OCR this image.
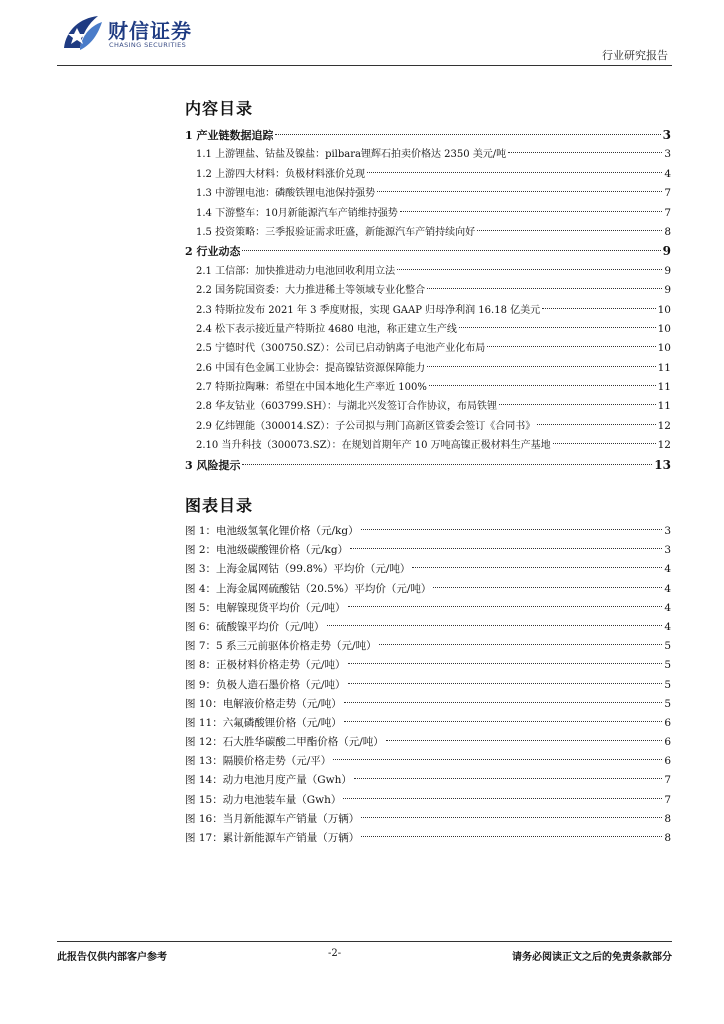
财信证券
CHASING SECURITIES
行业研究报告
内容目录
1 产业链数据追踪	3
1.1 上游锂盐、钴盐及镍盐：pilbara锂辉石拍卖价格达 2350 美元/吨	3
1.2 上游四大材料：负极材料涨价兑现	4
1.3 中游锂电池：磷酸铁锂电池保持强势	7
1.4 下游整车：10月新能源汽车产销维持强势	7
1.5 投资策略：三季报验证需求旺盛，新能源汽车产销持续向好	8
2 行业动态	9
2.1 工信部：加快推进动力电池回收利用立法	9
2.2 国务院国资委：大力推进稀土等领域专业化整合	9
2.3 特斯拉发布 2021 年 3 季度财报，实现 GAAP 归母净利润 16.18 亿美元	10
2.4 松下表示接近量产特斯拉 4680 电池，称正建立生产线	10
2.5 宁德时代（300750.SZ）：公司已启动钠离子电池产业化布局	10
2.6 中国有色金属工业协会：提高镍钴资源保障能力	11
2.7 特斯拉陶琳：希望在中国本地化生产率近 100%	11
2.8 华友钴业（603799.SH）：与湖北兴发签订合作协议，布局铁锂	11
2.9 亿纬锂能（300014.SZ）：子公司拟与荆门高新区管委会签订《合同书》	12
2.10 当升科技（300073.SZ）：在规划首期年产 10 万吨高镍正极材料生产基地	12
3 风险提示	13
图表目录
图 1：电池级氢氧化锂价格（元/kg）	3
图 2：电池级碳酸锂价格（元/kg）	3
图 3：上海金属网钴（99.8%）平均价（元/吨）	4
图 4：上海金属网硫酸钴（20.5%）平均价（元/吨）	4
图 5：电解镍现货平均价（元/吨）	4
图 6：硫酸镍平均价（元/吨）	4
图 7：5 系三元前驱体价格走势（元/吨）	5
图 8：正极材料价格走势（元/吨）	5
图 9：负极人造石墨价格（元/吨）	5
图 10：电解液价格走势（元/吨）	5
图 11：六氟磷酸锂价格（元/吨）	6
图 12：石大胜华碳酸二甲酯价格（元/吨）	6
图 13：隔膜价格走势（元/平）	6
图 14：动力电池月度产量（Gwh）	7
图 15：动力电池装车量（Gwh）	7
图 16：当月新能源车产销量（万辆）	8
图 17：累计新能源车产销量（万辆）	8
此报告仅供内部客户参考	-2-	请务必阅读正文之后的免责条款部分
